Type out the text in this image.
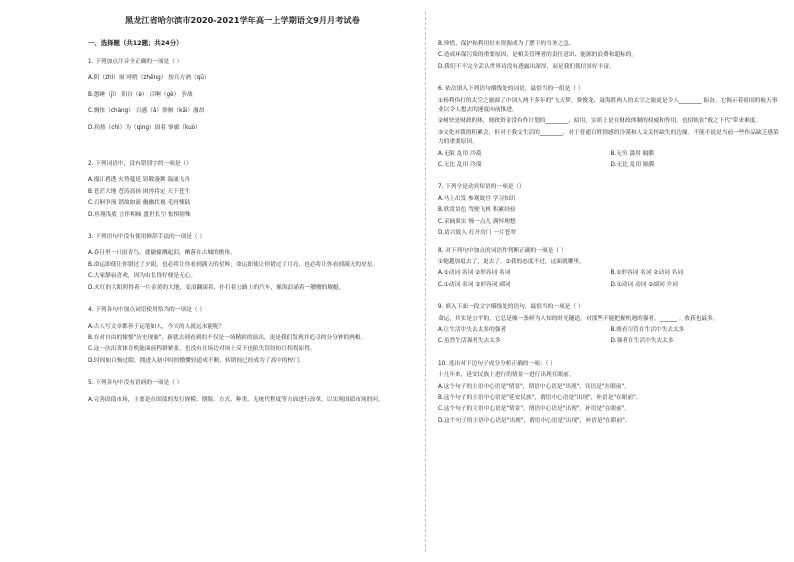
黑龙江省哈尔滨市2020-2021学年高一上学期语文9月月考试卷
一、选择题（共12题；共24分）
1. 下列加点注音全正确的一项是（ ）
A.阴（zhì）窗 呼哨（zhēng） 按兵方酒（qū）
B.憩睡（jì） 阳谷（è） 百啊（gè） 争战
C.惆怅（chàng） 百感（ǎ）俳徊（kāi）激昂
D.拐热（chì）为（qìng）固着 寥廓（kuò）
2. 下列词语中，没有错别字的一项是（）
A.漫江碧透 火势蔓延 钮敬漫舞 湍涌飞舟
B.苍茫大地 苍涛高扬 困兽将定 天下苍生
C.百舸争流 销故如流 幽幽状视 毛骨悚陆
D.鱼翔浅底 言伴相倾 盛世长空 怅惧情殊
3. 下列语句中没有使用修辞手法的一项是（ ）
A.春日里一只雨青鸟，就偷偷溅起泪，栖落在古城的檐角。
B.命运即使让你错过了夕阳，也必将让你看到满天的星辉；命运即使让你错过了月亮，也必将让你看到满天的星星。
C.大家静寂喜欢，因为由长得好便是无心。
D.火红的大阳照得着一片金黄的大地，麦浪翻滚着，扑打着公路上的汽车，像海浪涌着一艘艘的舰艇。
4. 下列各句中加点词语使用恰当的一项是（ ）
A.古人写文章都善于运笔如人，今天的人就远未能呢？
B.在对自由的憧憬"历史现象"，新就去到看到的不仅是一场精彩的演出，更是我们发现并追寻的分分钟的两根。
C.这一次出省体育机能面前程群紧张，也没有在场边对场上反下也陷失误纷纷目拐拐原得。
D.时间如白驹过隙，拥进入初中时的懵懂轻道成不断，转销间已经成为了高中的校门。
5. 下列各句中没有语病的一项是（ ）
A.完善固债市场，主要是在固债的发行规模、期限、方式、种类、无统代程度等方面进行改革，以实现国债市场的问。
B.珍惜、保护和利用好水资源成为了摆下的当务之急。
C.造成环保污染的重要原因，是相关管理者的责任意识、能源的浪费和超标的。
D.我们不不完全丢认世界诗没有透露出深厚，而是我们使信景好丰富。
6. 依次填入下列语句横线处的词语，最恰当的一组是（ ）
①杨利伟打的太空之旅圆了中国人两千多年的"飞天梦，费俊龙、聂海胜两人的太空之旅更是令人________ 振奋。它揭示着祖国的航天事业以令人想去的速度向前推进。
②树快是财政的体，财政资金没有作计划的________，暗用，实质上是在财政体制的权威和作用。也招轨钦"救之下代"带来难度。
③文化对我的积累会，但对于我文生活的________，对于普通百姓情感的冷漠和人文关怀缺失的边缘。不能不说是当前一些作品缺乏感染力的重要原因。
A.无限 乱用 冷漠	B.无穷 滥用 隔膜
C.无比 乱用 冷漠	D.无比 乱用 隔膜
7. 下列全是动宾短语的一项是（）
A.马上出发 参观故宫 学习知识
B.欣赏景色 驾驶飞机 积累经验
C.采摘果实 慢一点儿 满怀理想
D.请兴致入 打开房门 一片苍翠
8. 对下列句中加点的词语作判断正确的一项是（ ）
①她越加退去了，更去了。②我的态度不过，这面就哪里。
A.①动词 名词 ②形容词 名词	B.①形容词 名词 ②动词 名词
C.①动词 名词 ②形容词 副词	D.①动词 动词 ②副词 介词
9. 填入下面一段文字横线处的语句，最恰当的一项是（ ）
命运，其实是公平的，它总是像一条鲜为人知的时光隧道，对那些不能把握机遇的强者，______ 。收获也最多。
A.让生活中失去太多的强者	B.既看尽管在生活中失去太多
C.虽然生活强者失去太多	D.强者在生活中失去太多
10. 选出对下边句子成分分析正确的一项：（ ）
十几年来，延安民族上进行的情景一进行出现在眼前。
A.这个句子的主语中心语是"情景"，谓语中心语是"出现"，宾语是"在眼前"。
B.这个句子的主语中心语是"延安民族"，谓语中心语是"出现"，补语是"在眼前"。
C.这个句子的主语中心语是"情景"，谓语中心语是"出现"，补语是"在眼前"。
D.这个句子的主语中心语是"出现"，谓语中心语是"出现"，补语是"在眼前"。
